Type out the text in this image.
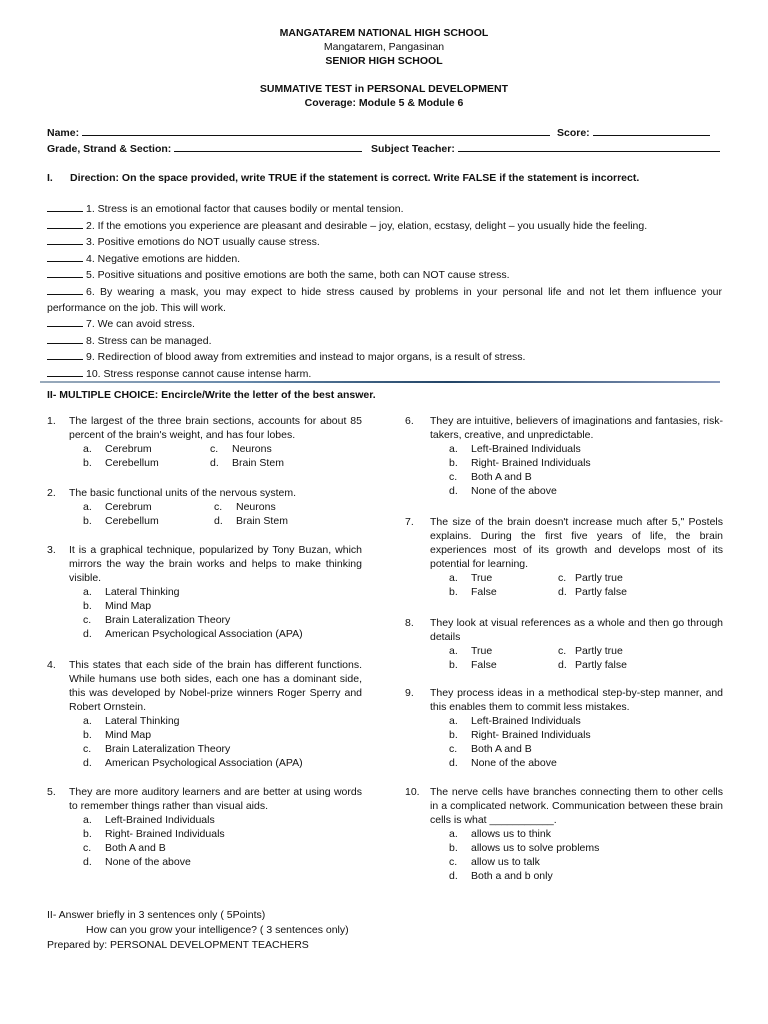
MANGATAREM NATIONAL HIGH SCHOOL
Mangatarem, Pangasinan
SENIOR HIGH SCHOOL
SUMMATIVE TEST in PERSONAL DEVELOPMENT
Coverage: Module 5 & Module 6
Name:	Score:
Grade, Strand & Section:	Subject Teacher:
I. Direction: On the space provided, write TRUE if the statement is correct. Write FALSE if the statement is incorrect.
1. Stress is an emotional factor that causes bodily or mental tension.
2. If the emotions you experience are pleasant and desirable – joy, elation, ecstasy, delight – you usually hide the feeling.
3. Positive emotions do NOT usually cause stress.
4. Negative emotions are hidden.
5. Positive situations and positive emotions are both the same, both can NOT cause stress.
6. By wearing a mask, you may expect to hide stress caused by problems in your personal life and not let them influence your performance on the job. This will work.
7. We can avoid stress.
8. Stress can be managed.
9. Redirection of blood away from extremities and instead to major organs, is a result of stress.
10. Stress response cannot cause intense harm.
II- MULTIPLE CHOICE: Encircle/Write the letter of the best answer.
1. The largest of the three brain sections, accounts for about 85 percent of the brain's weight, and has four lobes.
a. Cerebrum	c. Neurons
b. Cerebellum	d. Brain Stem
2. The basic functional units of the nervous system.
a. Cerebrum	c. Neurons
b. Cerebellum	d. Brain Stem
3. It is a graphical technique, popularized by Tony Buzan, which mirrors the way the brain works and helps to make thinking visible.
a. Lateral Thinking
b. Mind Map
c. Brain Lateralization Theory
d. American Psychological Association (APA)
4. This states that each side of the brain has different functions. While humans use both sides, each one has a dominant side, this was developed by Nobel-prize winners Roger Sperry and Robert Ornstein.
a. Lateral Thinking
b. Mind Map
c. Brain Lateralization Theory
d. American Psychological Association (APA)
5. They are more auditory learners and are better at using words to remember things rather than visual aids.
a. Left-Brained Individuals
b. Right- Brained Individuals
c. Both A and B
d. None of the above
6. They are intuitive, believers of imaginations and fantasies, risk-takers, creative, and unpredictable.
a. Left-Brained Individuals
b. Right- Brained Individuals
c. Both A and B
d. None of the above
7. The size of the brain doesn't increase much after 5," Postels explains. During the first five years of life, the brain experiences most of its growth and develops most of its potential for learning.
a. True	c. Partly true
b. False	d. Partly false
8. They look at visual references as a whole and then go through details
a. True	c. Partly true
b. False	d. Partly false
9. They process ideas in a methodical step-by-step manner, and this enables them to commit less mistakes.
a. Left-Brained Individuals
b. Right- Brained Individuals
c. Both A and B
d. None of the above
10. The nerve cells have branches connecting them to other cells in a complicated network. Communication between these brain cells is what ___________.
a. allows us to think
b. allows us to solve problems
c. allow us to talk
d. Both a and b only
II- Answer briefly in 3 sentences only ( 5Points)
How can you grow your intelligence? ( 3 sentences only)
Prepared by: PERSONAL DEVELOPMENT TEACHERS
